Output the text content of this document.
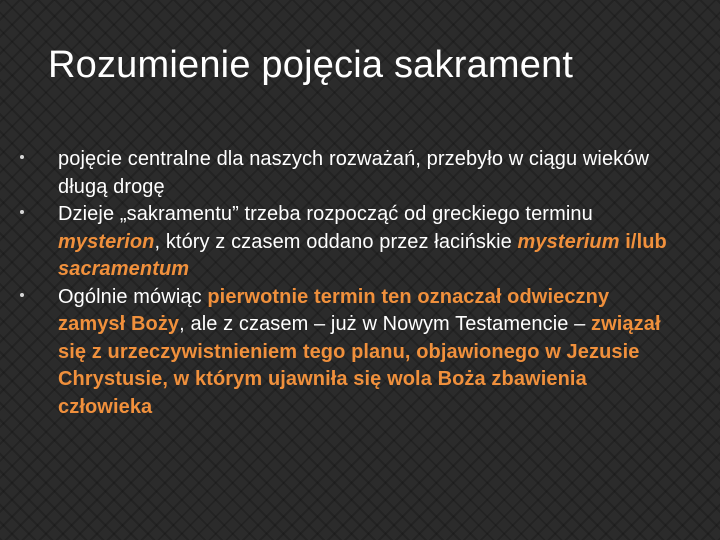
Rozumienie pojęcia sakrament
pojęcie centralne dla naszych rozważań, przebyło w ciągu wieków długą drogę
Dzieje „sakramentu” trzeba rozpocząć od greckiego terminu mysterion, który z czasem oddano przez łacińskie mysterium i/lub sacramentum
Ogólnie mówiąc pierwotnie termin ten oznaczał odwieczny zamysł Boży, ale z czasem – już w Nowym Testamencie – związał się z urzeczywistnieniem tego planu, objawionego w Jezusie Chrystusie, w którym ujawniła się wola Boża zbawienia człowieka
